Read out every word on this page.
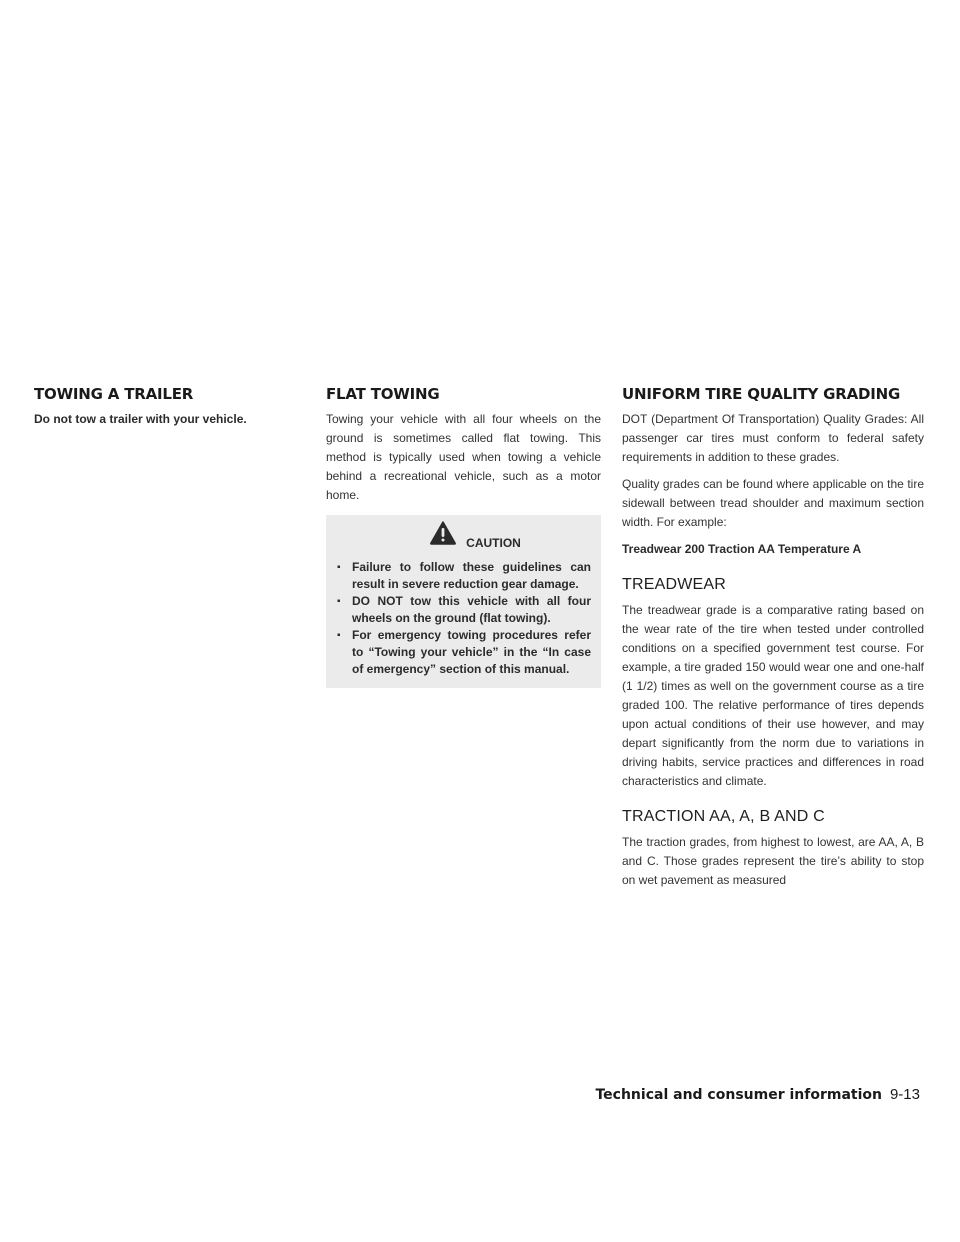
TOWING A TRAILER

Do not tow a trailer with your vehicle.

FLAT TOWING

Towing your vehicle with all four wheels on the ground is sometimes called flat towing. This method is typically used when towing a vehicle behind a recreational vehicle, such as a motor home.

CAUTION
▪ Failure to follow these guidelines can result in severe reduction gear damage.
▪ DO NOT tow this vehicle with all four wheels on the ground (flat towing).
▪ For emergency towing procedures refer to “Towing your vehicle” in the “In case of emergency” section of this manual.
UNIFORM TIRE QUALITY GRADING

DOT (Department Of Transportation) Quality Grades: All passenger car tires must conform to federal safety requirements in addition to these grades.

Quality grades can be found where applicable on the tire sidewall between tread shoulder and maximum section width. For example:

Treadwear 200 Traction AA Temperature A

TREADWEAR

The treadwear grade is a comparative rating based on the wear rate of the tire when tested under controlled conditions on a specified government test course. For example, a tire graded 150 would wear one and one-half (1 1/2) times as well on the government course as a tire graded 100. The relative performance of tires depends upon actual conditions of their use however, and may depart significantly from the norm due to variations in driving habits, service practices and differences in road characteristics and climate.

TRACTION AA, A, B AND C

The traction grades, from highest to lowest, are AA, A, B and C. Those grades represent the tire’s ability to stop on wet pavement as measured

Technical and consumer information 9-13
